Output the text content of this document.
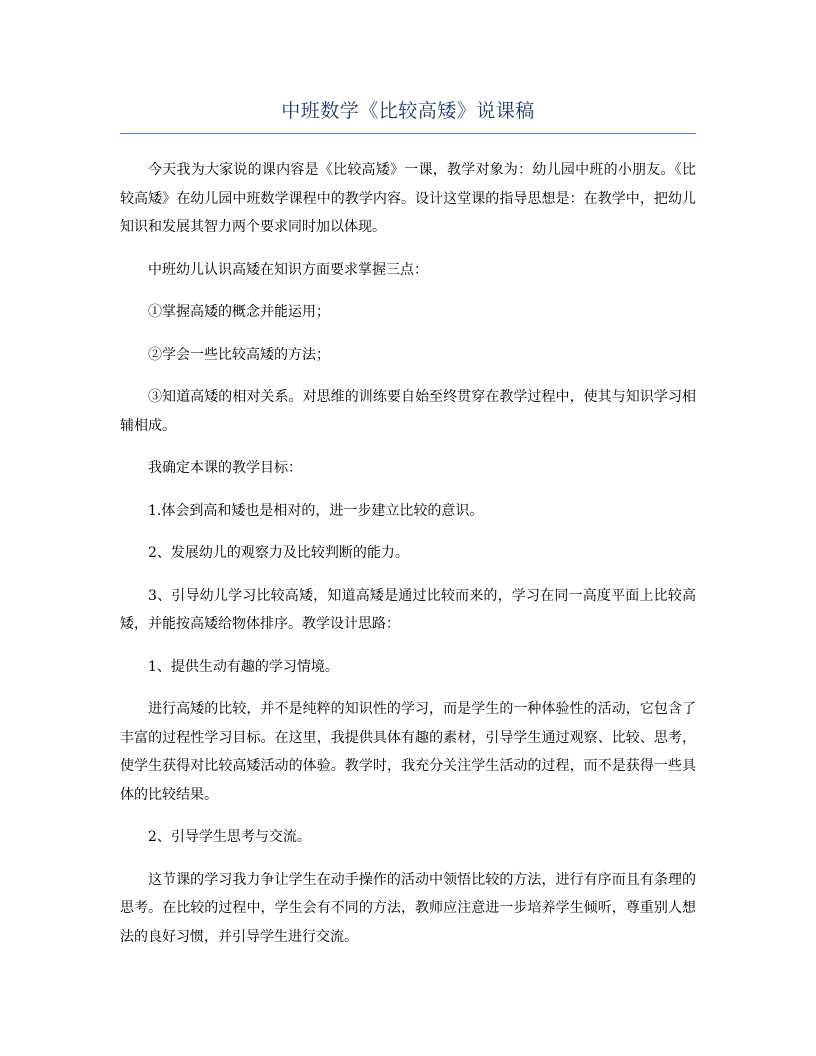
中班数学《比较高矮》说课稿

今天我为大家说的课内容是《比较高矮》一课，教学对象为：幼儿园中班的小朋友。《比较高矮》在幼儿园中班数学课程中的教学内容。设计这堂课的指导思想是：在教学中，把幼儿知识和发展其智力两个要求同时加以体现。

中班幼儿认识高矮在知识方面要求掌握三点：

①掌握高矮的概念并能运用；

②学会一些比较高矮的方法；

③知道高矮的相对关系。对思维的训练要自始至终贯穿在教学过程中，使其与知识学习相辅相成。

我确定本课的教学目标：

1.体会到高和矮也是相对的，进一步建立比较的意识。

2、发展幼儿的观察力及比较判断的能力。

3、引导幼儿学习比较高矮，知道高矮是通过比较而来的，学习在同一高度平面上比较高矮，并能按高矮给物体排序。教学设计思路：

1、提供生动有趣的学习情境。

进行高矮的比较，并不是纯粹的知识性的学习，而是学生的一种体验性的活动，它包含了丰富的过程性学习目标。在这里，我提供具体有趣的素材，引导学生通过观察、比较、思考，使学生获得对比较高矮活动的体验。教学时，我充分关注学生活动的过程，而不是获得一些具体的比较结果。

2、引导学生思考与交流。

这节课的学习我力争让学生在动手操作的活动中领悟比较的方法，进行有序而且有条理的思考。在比较的过程中，学生会有不同的方法，教师应注意进一步培养学生倾听，尊重别人想法的良好习惯，并引导学生进行交流。
